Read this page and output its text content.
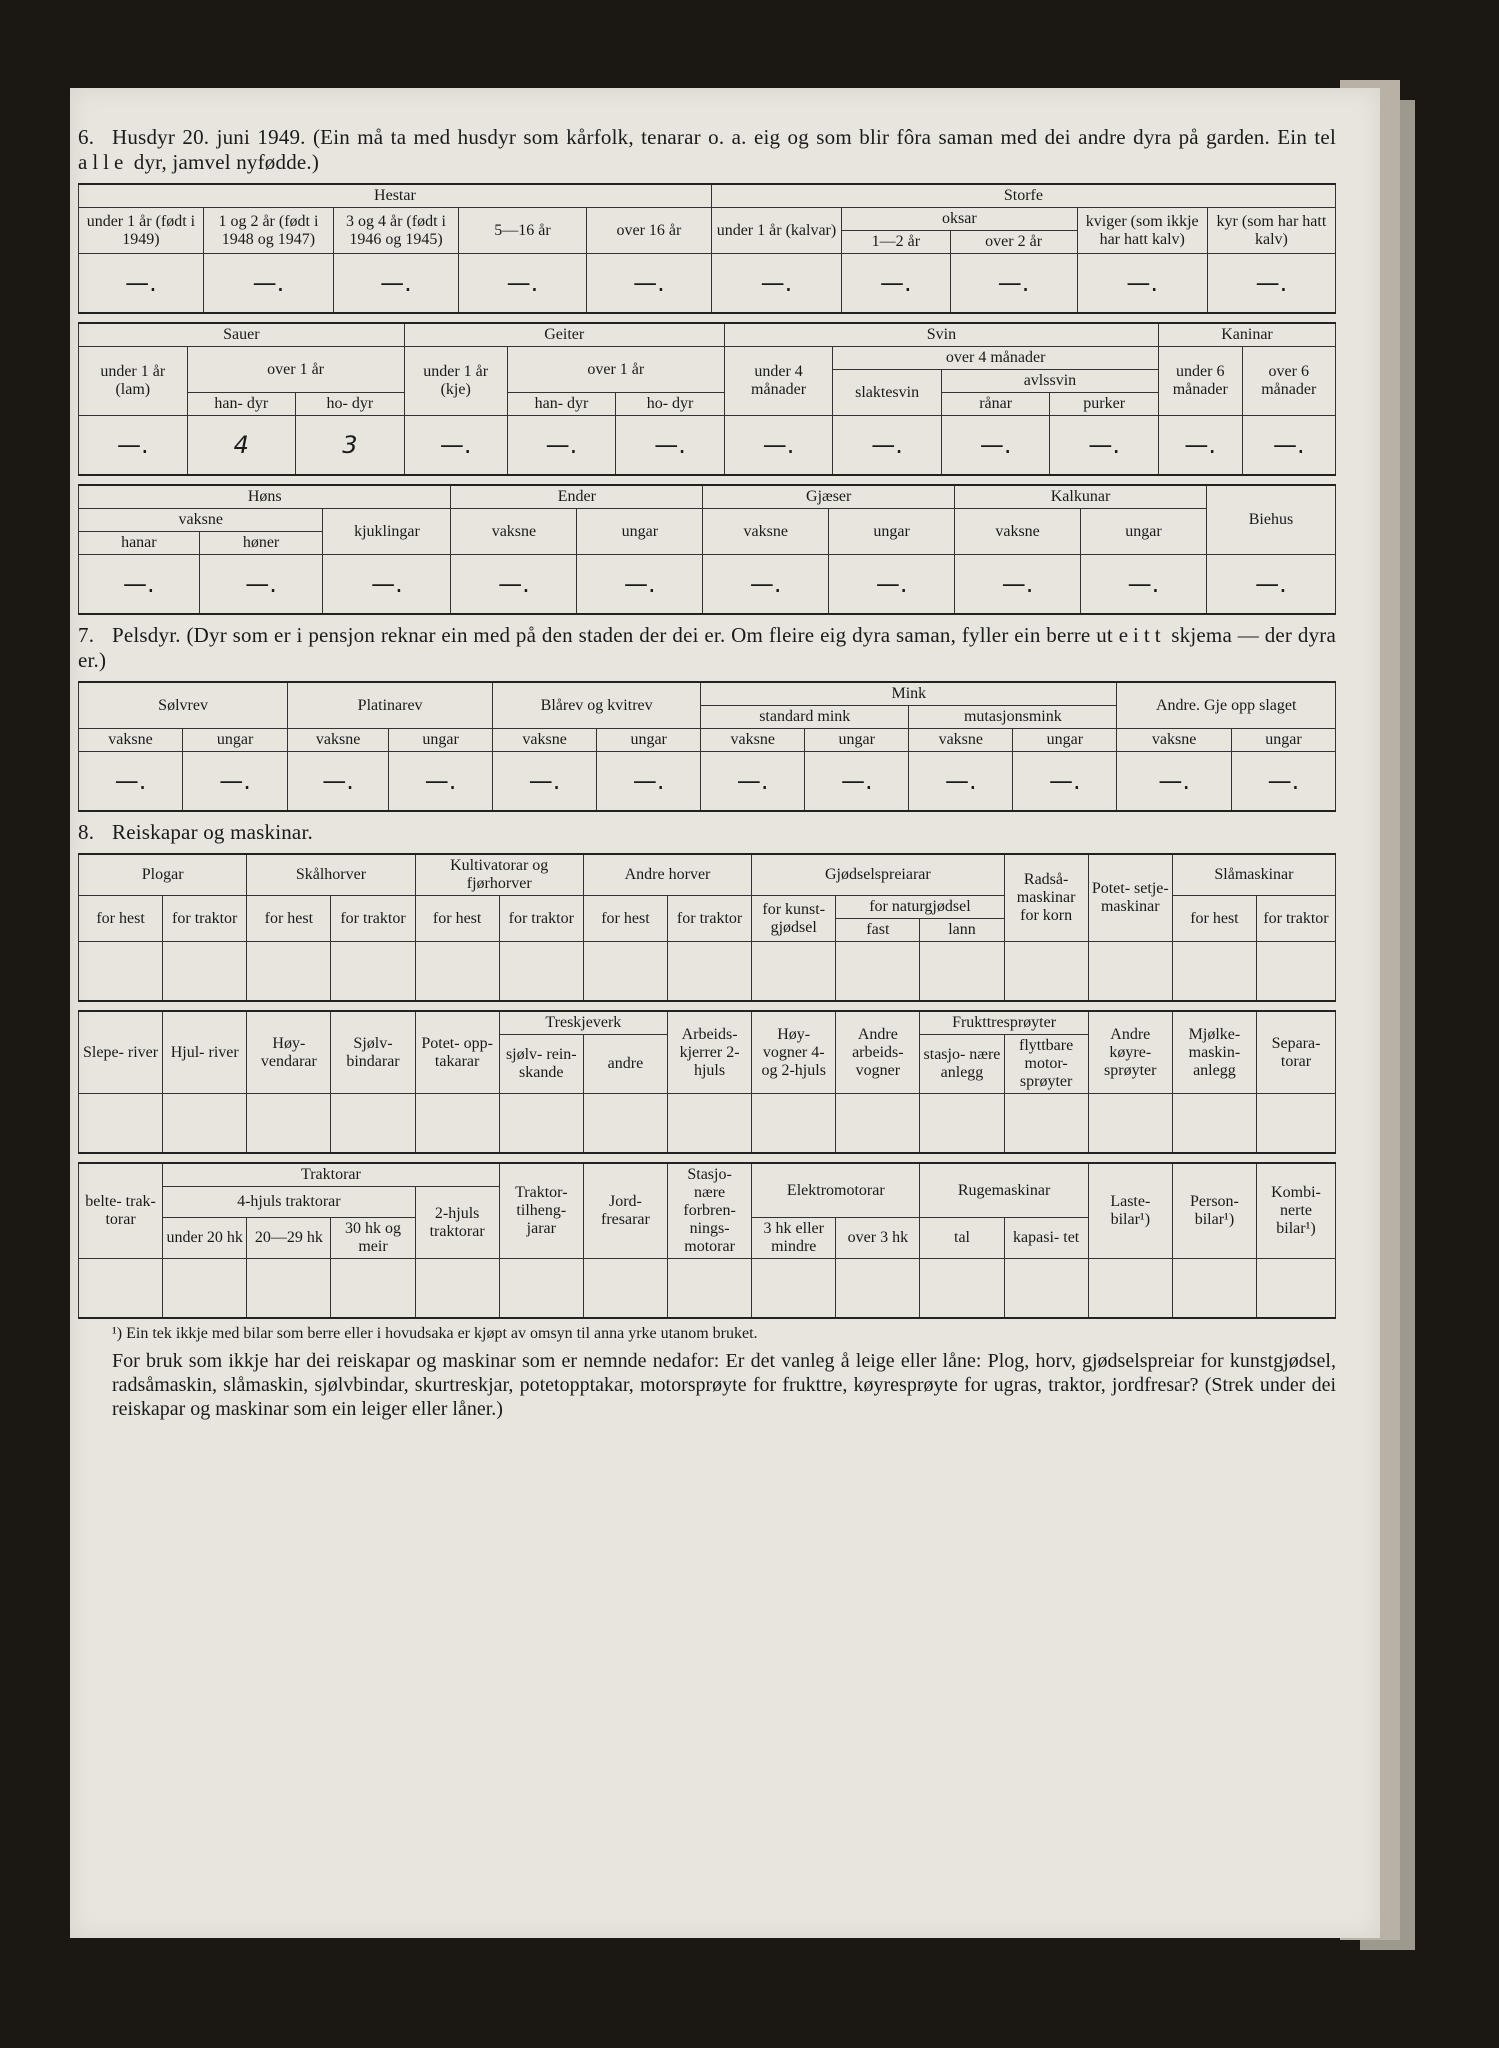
6. Husdyr 20. juni 1949. (Ein må ta med husdyr som kårfolk, tenarar o. a. eig og som blir fôra saman med dei andre dyra på garden. Ein tel alle dyr, jamvel nyfødde.)
Hestar					Storfe				
under 1 år (født i 1949)	1 og 2 år (født i 1948 og 1947)	3 og 4 år (født i 1946 og 1945)	5—16 år	over 16 år	under 1 år (kalvar)	oksar		kviger (som ikkje har hatt kalv)	kyr (som har hatt kalv)
						1—2 år	over 2 år		
—.	—.	—.	—.	—.	—.	—.	—.	—.	—.
Sauer			Geiter			Svin				Kaninar	
under 1 år (lam)	over 1 år		under 1 år (kje)	over 1 år		under 4 månader	over 4 månader			under 6 månader	over 6 månader
							slaktesvin	avlssvin			
	han- dyr	ho- dyr		han- dyr	ho- dyr			rånar	purker		
—.	4	3	—.	—.	—.	—.	—.	—.	—.	—.	—.
Høns			Ender		Gjæser		Kalkunar		Biehus
vaksne		kjuklingar	vaksne	ungar	vaksne	ungar	vaksne	ungar	
hanar	høner								
—.	—.	—.	—.	—.	—.	—.	—.	—.	—.
7. Pelsdyr. (Dyr som er i pensjon reknar ein med på den staden der dei er. Om fleire eig dyra saman, fyller ein berre ut eitt skjema — der dyra er.)
Sølvrev		Platinarev		Blårev og kvitrev		Mink				Andre. Gje opp slaget	
						standard mink		mutasjonsmink			
vaksne	ungar	vaksne	ungar	vaksne	ungar	vaksne	ungar	vaksne	ungar	vaksne	ungar
—.	—.	—.	—.	—.	—.	—.	—.	—.	—.	—.	—.
8. Reiskapar og maskinar.
Plogar		Skålhorver		Kultivatorar og fjørhorver		Andre horver		Gjødselspreiarar			Radså- maskinar for korn	Potet- setje- maskinar	Slåmaskinar	
for hest	for traktor	for hest	for traktor	for hest	for traktor	for hest	for traktor	for kunst- gjødsel	for naturgjødsel				for hest	for traktor
									fast	lann				

Slepe- river	Hjul- river	Høy- vendarar	Sjølv- bindarar	Potet- opp- takarar	Treskjeverk		Arbeids- kjerrer 2-hjuls	Høy- vogner 4- og 2-hjuls	Andre arbeids- vogner	Frukttresprøyter		Andre køyre- sprøyter	Mjølke- maskin- anlegg	Separa- torar
					sjølv- rein- skande	andre				stasjo- nære anlegg	flyttbare motor- sprøyter			

belte- trak- torar	Traktorar				Traktor- tilheng- jarar	Jord- fresarar	Stasjo- nære forbren- nings- motorar	Elektromotorar		Rugemaskinar		Laste- bilar¹)	Person- bilar¹)	Kombi- nerte bilar¹)
	4-hjuls traktorar			2-hjuls traktorar										
	under 20 hk	20—29 hk	30 hk og meir					3 hk eller mindre	over 3 hk	tal	kapasi- tet			

¹) Ein tek ikkje med bilar som berre eller i hovudsaka er kjøpt av omsyn til anna yrke utanom bruket.
For bruk som ikkje har dei reiskapar og maskinar som er nemnde nedafor: Er det vanleg å leige eller låne: Plog, horv, gjødselspreiar for kunstgjødsel, radsåmaskin, slåmaskin, sjølvbindar, skurtreskjar, potetopptakar, motorsprøyte for frukttre, køyresprøyte for ugras, traktor, jordfresar? (Strek under dei reiskapar og maskinar som ein leiger eller låner.)
